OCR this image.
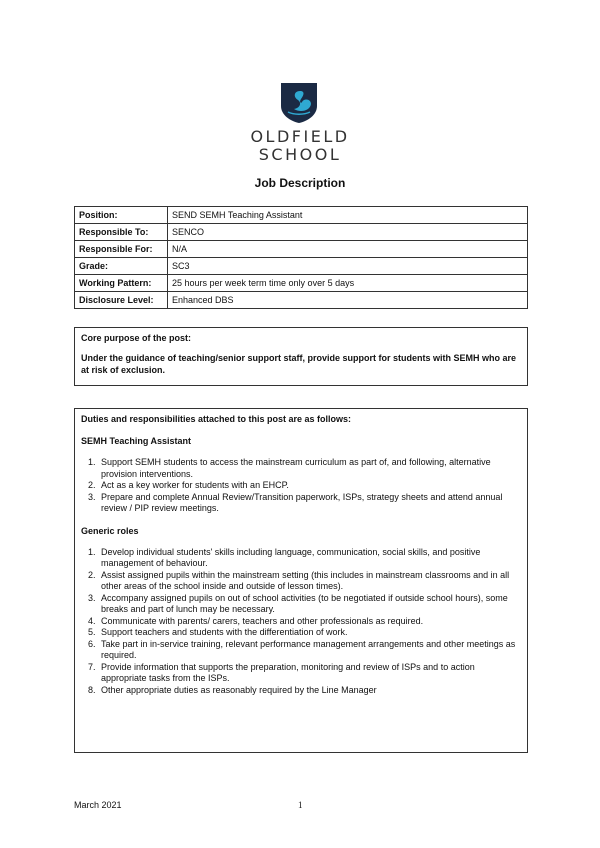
OLDFIELD
SCHOOL
Job Description
Position:	SEND SEMH Teaching Assistant
Responsible To:	SENCO
Responsible For:	N/A
Grade:	SC3
Working Pattern:	25 hours per week term time only over 5 days
Disclosure Level:	Enhanced DBS
Core purpose of the post:
Under the guidance of teaching/senior support staff, provide support for students with SEMH who are at risk of exclusion.
Duties and responsibilities attached to this post are as follows:
SEMH Teaching Assistant
1. Support SEMH students to access the mainstream curriculum as part of, and following, alternative provision interventions.
2. Act as a key worker for students with an EHCP.
3. Prepare and complete Annual Review/Transition paperwork, ISPs, strategy sheets and attend annual review / PIP review meetings.
Generic roles
1. Develop individual students' skills including language, communication, social skills, and positive management of behaviour.
2. Assist assigned pupils within the mainstream setting (this includes in mainstream classrooms and in all other areas of the school inside and outside of lesson times).
3. Accompany assigned pupils on out of school activities (to be negotiated if outside school hours), some breaks and part of lunch may be necessary.
4. Communicate with parents/ carers, teachers and other professionals as required.
5. Support teachers and students with the differentiation of work.
6. Take part in in-service training, relevant performance management arrangements and other meetings as required.
7. Provide information that supports the preparation, monitoring and review of ISPs and to action appropriate tasks from the ISPs.
8. Other appropriate duties as reasonably required by the Line Manager
March 2021	1
